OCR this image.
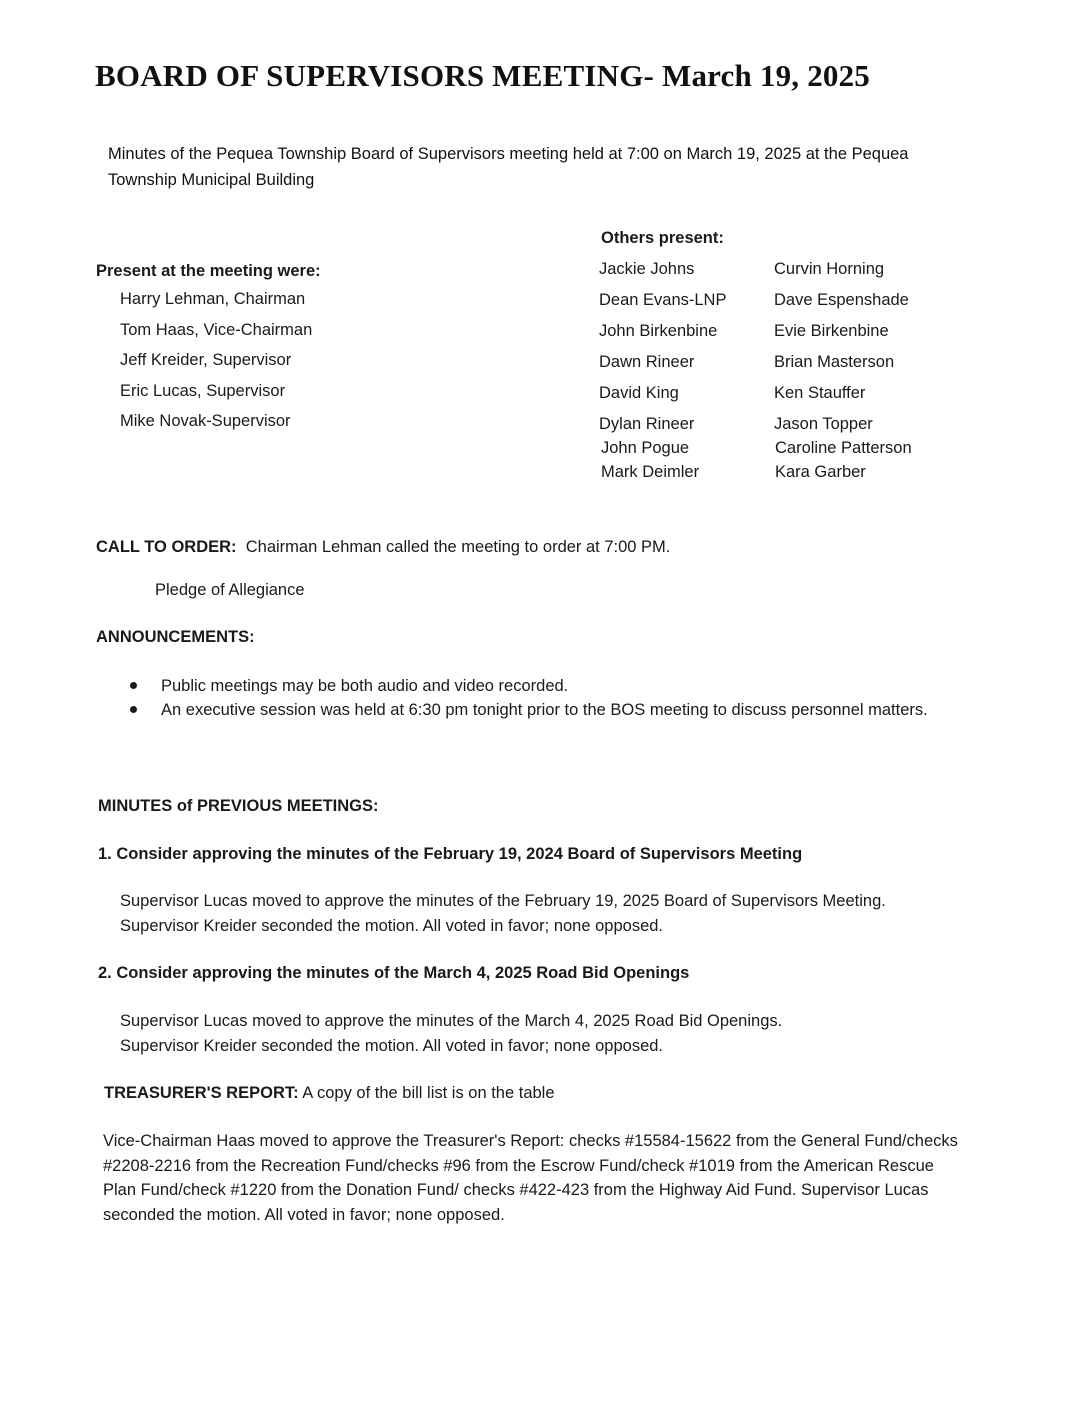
BOARD OF SUPERVISORS MEETING- March 19, 2025
Minutes of the Pequea Township Board of Supervisors meeting held at 7:00 on March 19, 2025 at the Pequea Township Municipal Building
Others present:
Present at the meeting were:
Harry Lehman, Chairman
Tom Haas, Vice-Chairman
Jeff Kreider, Supervisor
Eric Lucas, Supervisor
Mike Novak-Supervisor
Jackie Johns
Dean Evans-LNP
John Birkenbine
Dawn Rineer
David King
Dylan Rineer
John Pogue
Mark Deimler
Curvin Horning
Dave Espenshade
Evie Birkenbine
Brian Masterson
Ken Stauffer
Jason Topper
Caroline Patterson
Kara Garber
CALL TO ORDER: Chairman Lehman called the meeting to order at 7:00 PM.
Pledge of Allegiance
ANNOUNCEMENTS:
Public meetings may be both audio and video recorded.
An executive session was held at 6:30 pm tonight prior to the BOS meeting to discuss personnel matters.
MINUTES of PREVIOUS MEETINGS:
1. Consider approving the minutes of the February 19, 2024 Board of Supervisors Meeting
Supervisor Lucas moved to approve the minutes of the February 19, 2025 Board of Supervisors Meeting. Supervisor Kreider seconded the motion. All voted in favor; none opposed.
2. Consider approving the minutes of the March 4, 2025 Road Bid Openings
Supervisor Lucas moved to approve the minutes of the March 4, 2025 Road Bid Openings. Supervisor Kreider seconded the motion. All voted in favor; none opposed.
TREASURER'S REPORT: A copy of the bill list is on the table
Vice-Chairman Haas moved to approve the Treasurer's Report: checks #15584-15622 from the General Fund/checks #2208-2216 from the Recreation Fund/checks #96 from the Escrow Fund/check #1019 from the American Rescue Plan Fund/check #1220 from the Donation Fund/ checks #422-423 from the Highway Aid Fund. Supervisor Lucas seconded the motion. All voted in favor; none opposed.
